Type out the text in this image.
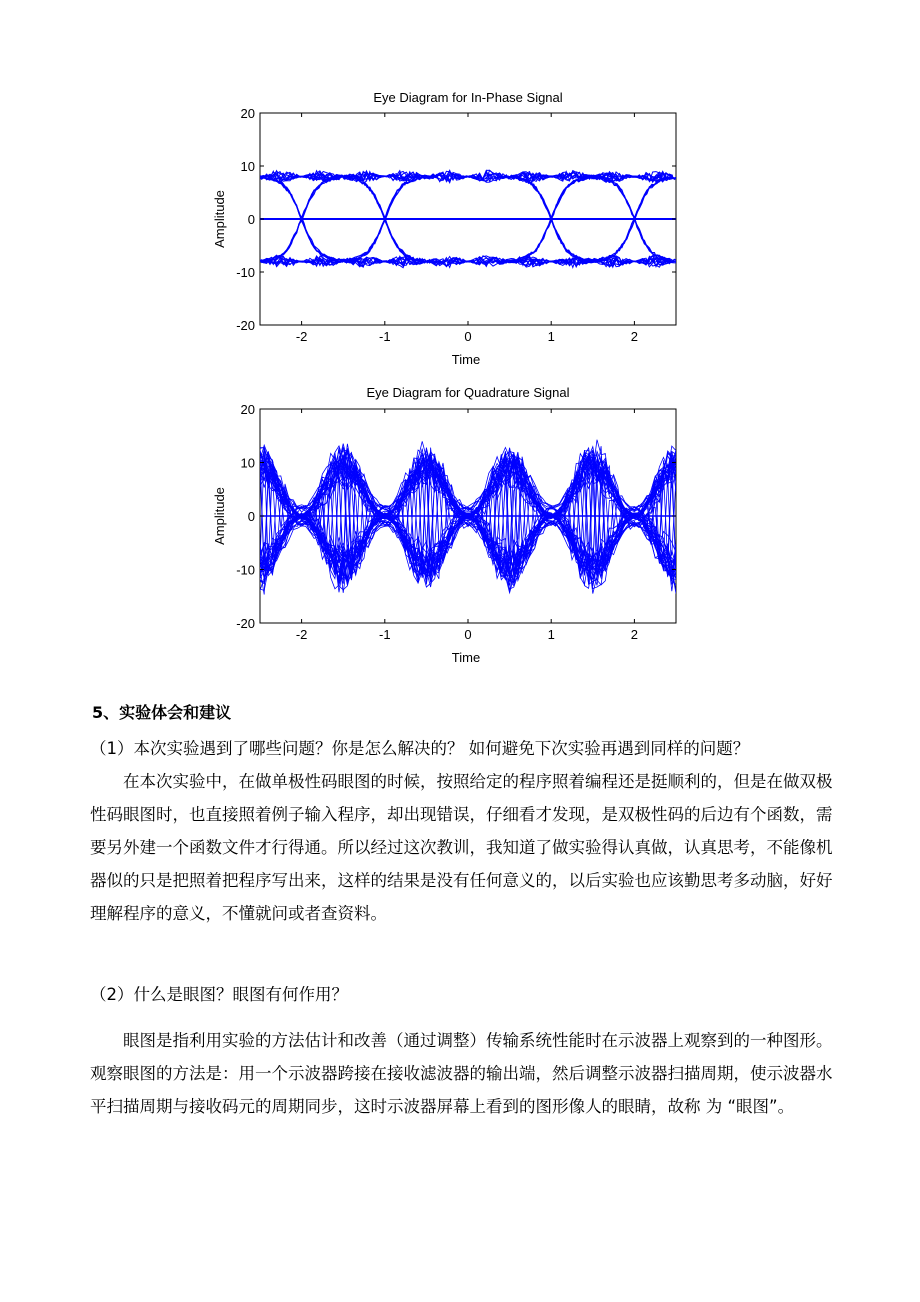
Eye Diagram for In-Phase Signal
-2	-1	0	1	2
-20
-10
0
10
20
Time
Amplitude
Eye Diagram for Quadrature Signal
-2	-1	0	1	2
-20
-10
0
10
20
Time
Amplitude
5、实验体会和建议

（1）本次实验遇到了哪些问题？你是怎么解决的？ 如何避免下次实验再遇到同样的问题？

在本次实验中，在做单极性码眼图的时候，按照给定的程序照着编程还是挺顺利的，但是在做双极性码眼图时，也直接照着例子输入程序，却出现错误，仔细看才发现，是双极性码的后边有个函数，需要另外建一个函数文件才行得通。所以经过这次教训，我知道了做实验得认真做，认真思考，不能像机器似的只是把照着把程序写出来，这样的结果是没有任何意义的，以后实验也应该勤思考多动脑，好好理解程序的意义，不懂就问或者查资料。

（2）什么是眼图？眼图有何作用？

眼图是指利用实验的方法估计和改善（通过调整）传输系统性能时在示波器上观察到的一种图形。观察眼图的方法是：用一个示波器跨接在接收滤波器的输出端，然后调整示波器扫描周期，使示波器水平扫描周期与接收码元的周期同步，这时示波器屏幕上看到的图形像人的眼睛，故称 为 “眼图”。
